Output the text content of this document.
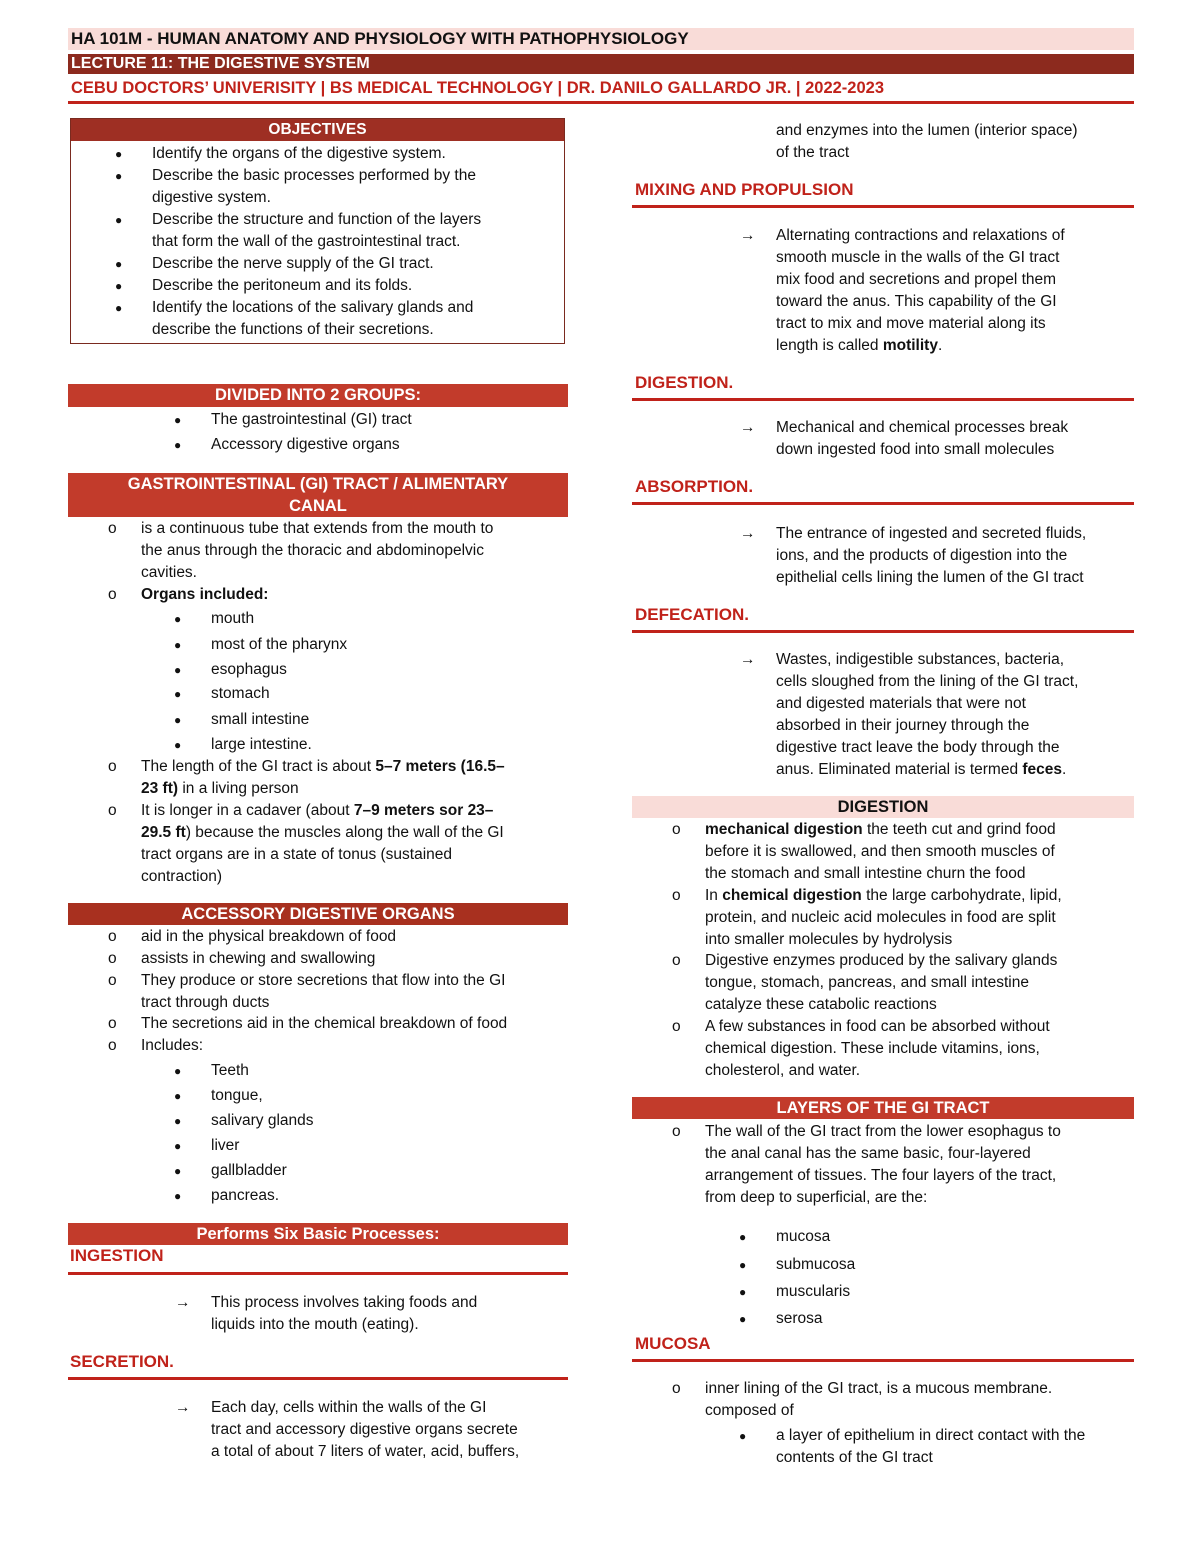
HA 101M - HUMAN ANATOMY AND PHYSIOLOGY WITH PATHOPHYSIOLOGY
LECTURE 11: THE DIGESTIVE SYSTEM
CEBU DOCTORS’ UNIVERISITY | BS MEDICAL TECHNOLOGY | DR. DANILO GALLARDO JR. | 2022-2023
OBJECTIVES
● Identify the organs of the digestive system.
● Describe the basic processes performed by the
digestive system.
● Describe the structure and function of the layers
that form the wall of the gastrointestinal tract.
● Describe the nerve supply of the GI tract.
● Describe the peritoneum and its folds.
● Identify the locations of the salivary glands and
describe the functions of their secretions.
DIVIDED INTO 2 GROUPS:
● The gastrointestinal (GI) tract
● Accessory digestive organs
GASTROINTESTINAL (GI) TRACT / ALIMENTARY
CANAL
o is a continuous tube that extends from the mouth to
the anus through the thoracic and abdominopelvic
cavities.
o Organs included:
● mouth
● most of the pharynx
● esophagus
● stomach
● small intestine
● large intestine.
o The length of the GI tract is about 5–7 meters (16.5–
23 ft) in a living person
o It is longer in a cadaver (about 7–9 meters sor 23–
29.5 ft) because the muscles along the wall of the GI
tract organs are in a state of tonus (sustained
contraction)
ACCESSORY DIGESTIVE ORGANS
o aid in the physical breakdown of food
o assists in chewing and swallowing
o They produce or store secretions that flow into the GI
tract through ducts
o The secretions aid in the chemical breakdown of food
o Includes:
● Teeth
● tongue,
● salivary glands
● liver
● gallbladder
● pancreas.
Performs Six Basic Processes:
INGESTION
→ This process involves taking foods and
liquids into the mouth (eating).
SECRETION.
→ Each day, cells within the walls of the GI
tract and accessory digestive organs secrete
a total of about 7 liters of water, acid, buffers,
and enzymes into the lumen (interior space)
of the tract
MIXING AND PROPULSION
→ Alternating contractions and relaxations of
smooth muscle in the walls of the GI tract
mix food and secretions and propel them
toward the anus. This capability of the GI
tract to mix and move material along its
length is called motility.
DIGESTION.
→ Mechanical and chemical processes break
down ingested food into small molecules
ABSORPTION.
→ The entrance of ingested and secreted fluids,
ions, and the products of digestion into the
epithelial cells lining the lumen of the GI tract
DEFECATION.
→ Wastes, indigestible substances, bacteria,
cells sloughed from the lining of the GI tract,
and digested materials that were not
absorbed in their journey through the
digestive tract leave the body through the
anus. Eliminated material is termed feces.
DIGESTION
o mechanical digestion the teeth cut and grind food
before it is swallowed, and then smooth muscles of
the stomach and small intestine churn the food
o In chemical digestion the large carbohydrate, lipid,
protein, and nucleic acid molecules in food are split
into smaller molecules by hydrolysis
o Digestive enzymes produced by the salivary glands
tongue, stomach, pancreas, and small intestine
catalyze these catabolic reactions
o A few substances in food can be absorbed without
chemical digestion. These include vitamins, ions,
cholesterol, and water.
LAYERS OF THE GI TRACT
o The wall of the GI tract from the lower esophagus to
the anal canal has the same basic, four-layered
arrangement of tissues. The four layers of the tract,
from deep to superficial, are the:
● mucosa
● submucosa
● muscularis
● serosa
MUCOSA
o inner lining of the GI tract, is a mucous membrane.
composed of
● a layer of epithelium in direct contact with the
contents of the GI tract
